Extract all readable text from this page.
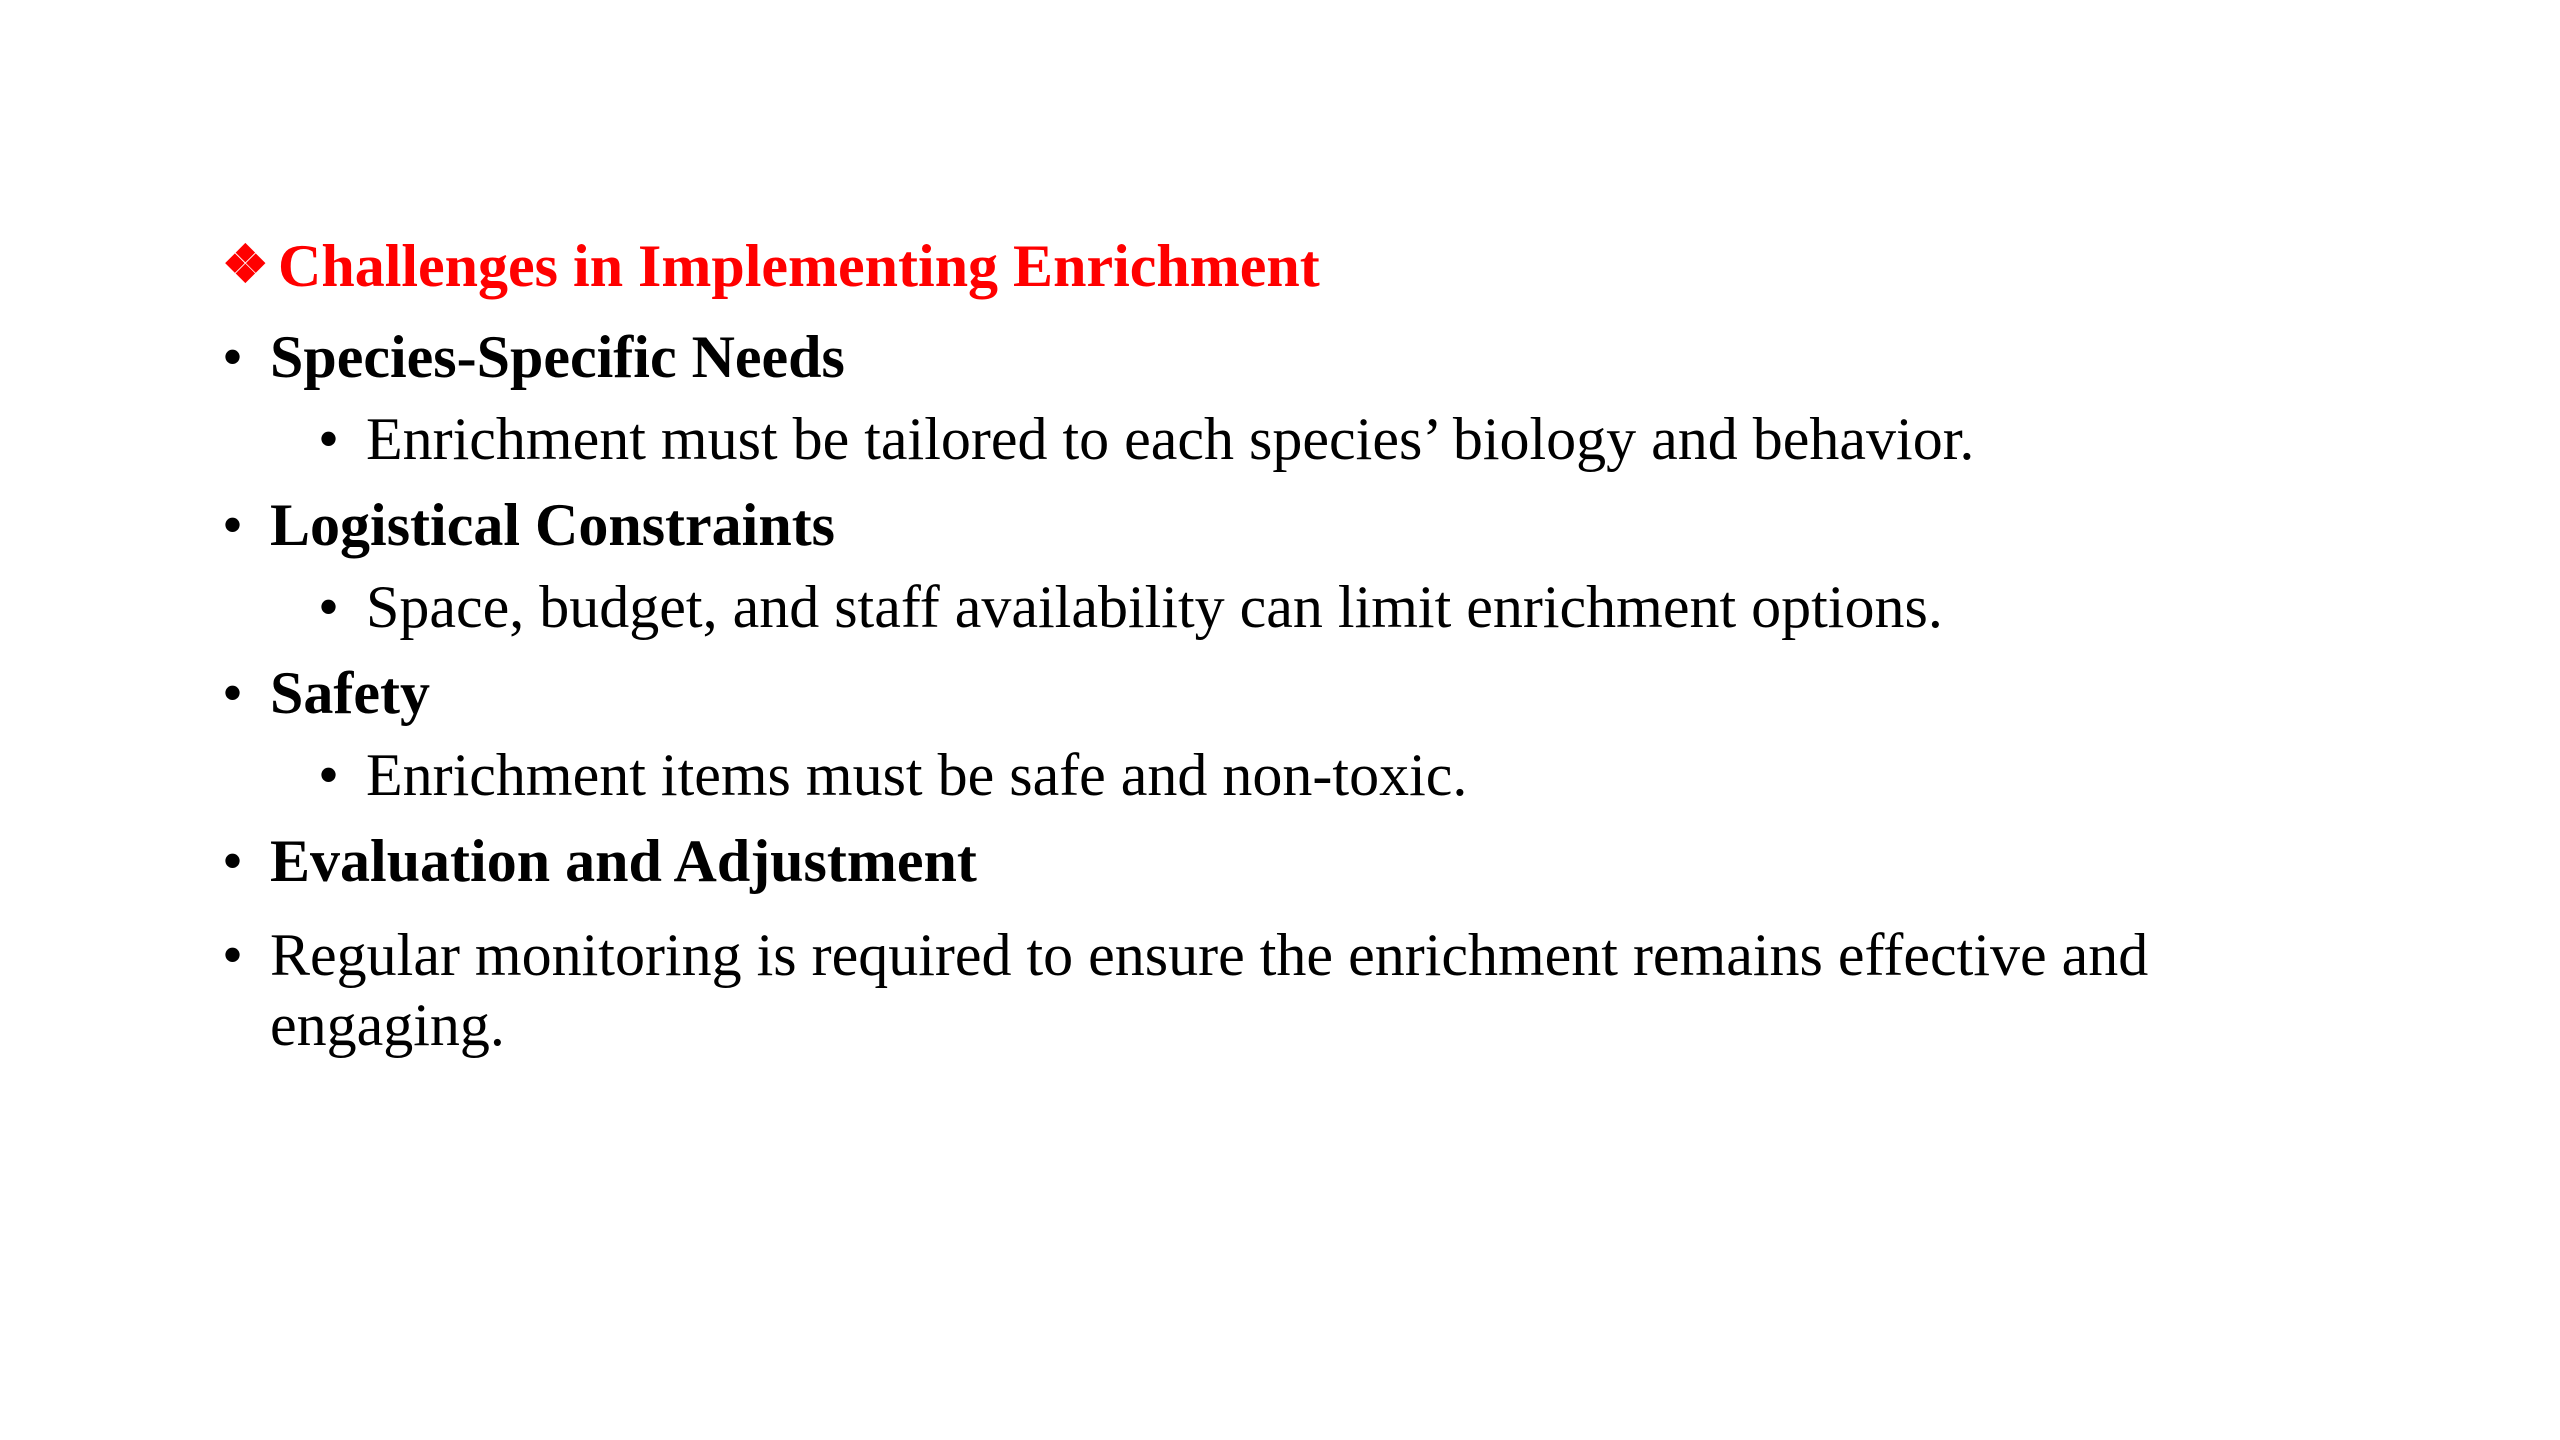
❖ Challenges in Implementing Enrichment
• Species-Specific Needs
• Enrichment must be tailored to each species’ biology and behavior.
• Logistical Constraints
• Space, budget, and staff availability can limit enrichment options.
• Safety
• Enrichment items must be safe and non-toxic.
• Evaluation and Adjustment
• Regular monitoring is required to ensure the enrichment remains effective and engaging.
